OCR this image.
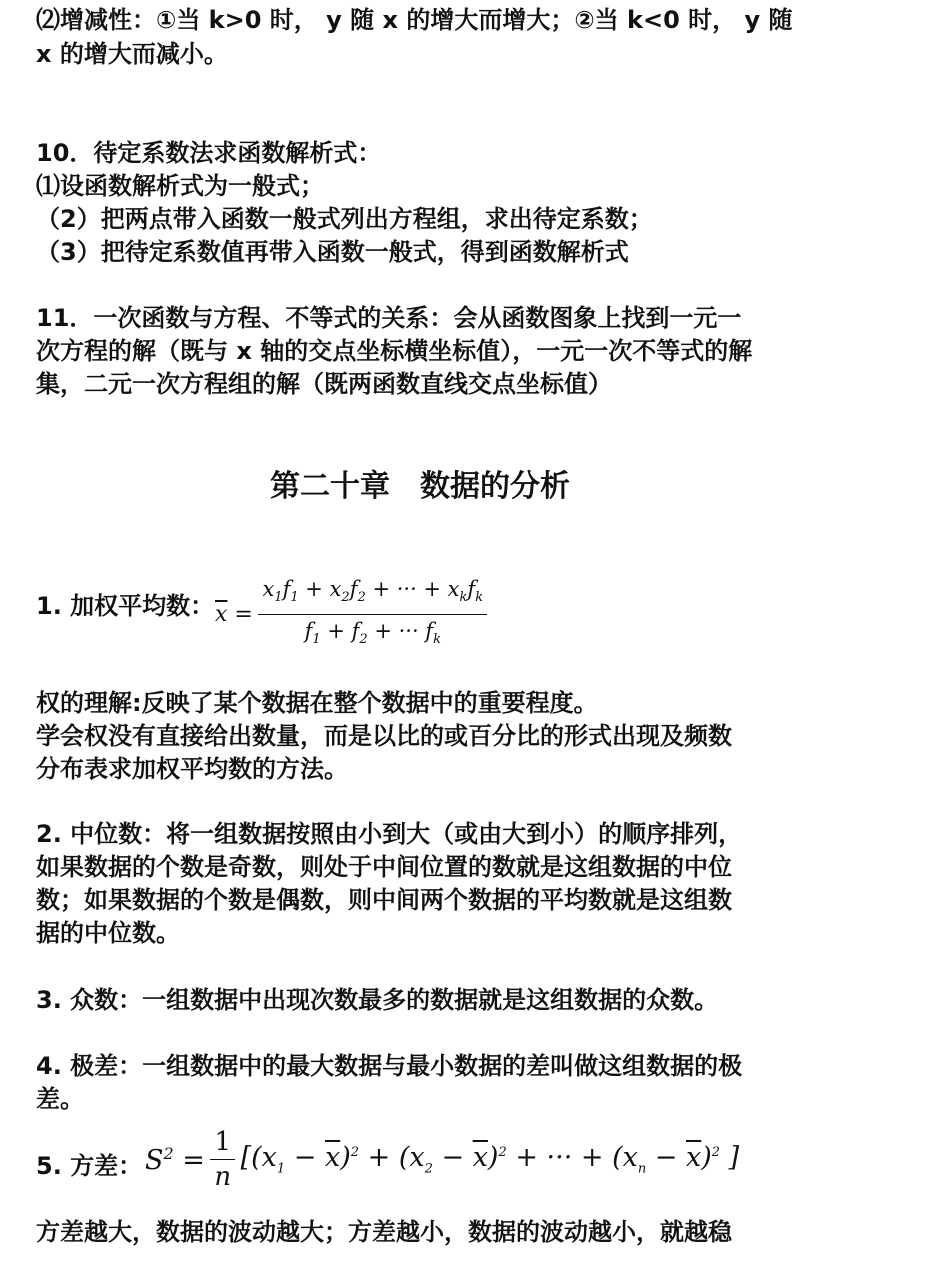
⑵增减性：①当 k>0 时， y 随 x 的增大而增大；②当 k<0 时， y 随
x 的增大而减小。
10．待定系数法求函数解析式：
⑴设函数解析式为一般式；
（2）把两点带入函数一般式列出方程组，求出待定系数；
（3）把待定系数值再带入函数一般式，得到函数解析式
11．一次函数与方程、不等式的关系：会从函数图象上找到一元一
次方程的解（既与 x 轴的交点坐标横坐标值），一元一次不等式的解
集，二元一次方程组的解（既两函数直线交点坐标值）
第二十章　数据的分析
1. 加权平均数： $\overline{x} = \frac{x_1f_1 + x_2f_2 + \cdot\cdot\cdot + x_kf_k}{f_1 + f_2 + \cdot\cdot\cdot f_k}$
权的理解:反映了某个数据在整个数据中的重要程度。
学会权没有直接给出数量，而是以比的或百分比的形式出现及频数
分布表求加权平均数的方法。
2. 中位数：将一组数据按照由小到大（或由大到小）的顺序排列，
如果数据的个数是奇数，则处于中间位置的数就是这组数据的中位
数；如果数据的个数是偶数，则中间两个数据的平均数就是这组数
据的中位数。
3. 众数：一组数据中出现次数最多的数据就是这组数据的众数。
4. 极差：一组数据中的最大数据与最小数据的差叫做这组数据的极
差。
5. 方差： $S^2 = \frac{1}{n} [(x_1 - \overline{x})^2 + (x_2 - \overline{x})^2$ + ··· + $(x_n - \overline{x})^2$ ]
方差越大，数据的波动越大；方差越小，数据的波动越小，就越稳
